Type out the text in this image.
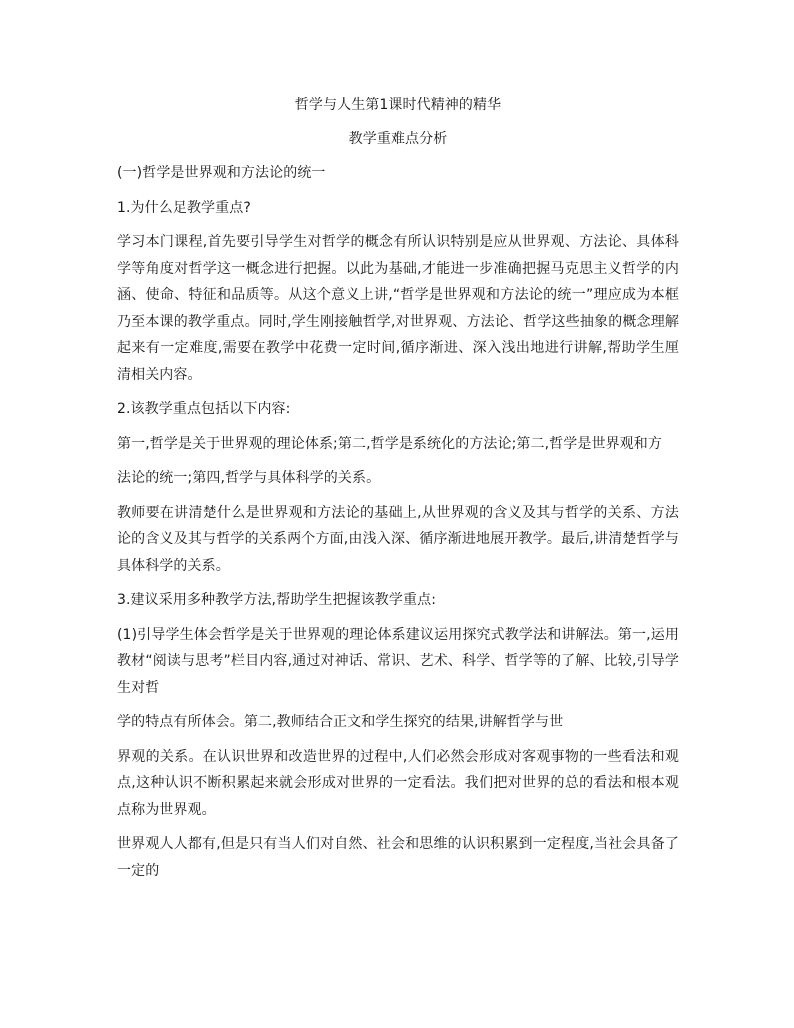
哲学与人生第1课时代精神的精华
教学重难点分析
(一)哲学是世界观和方法论的统一
1.为什么足教学重点?
学习本门课程,首先要引导学生对哲学的概念有所认识特别是应从世界观、方法论、具体科学等角度对哲学这一概念进行把握。以此为基础,才能进一步准确把握马克思主义哲学的内涵、使命、特征和品质等。从这个意义上讲,“哲学是世界观和方法论的统一”理应成为本框乃至本课的教学重点。同时,学生刚接触哲学,对世界观、方法论、哲学这些抽象的概念理解起来有一定难度,需要在教学中花费一定时间,循序渐进、深入浅出地进行讲解,帮助学生厘清相关内容。
2.该教学重点包括以下内容:
第一,哲学是关于世界观的理论体系;第二,哲学是系统化的方法论;第二,哲学是世界观和方
法论的统一;第四,哲学与具体科学的关系。
教师要在讲清楚什么是世界观和方法论的基础上,从世界观的含义及其与哲学的关系、方法论的含义及其与哲学的关系两个方面,由浅入深、循序渐进地展开教学。最后,讲清楚哲学与具体科学的关系。
3.建议采用多种教学方法,帮助学生把握该教学重点:
(1)引导学生体会哲学是关于世界观的理论体系建议运用探究式教学法和讲解法。第一,运用教材“阅读与思考”栏目内容,通过对神话、常识、艺术、科学、哲学等的了解、比较,引导学生对哲
学的特点有所体会。第二,教师结合正文和学生探究的结果,讲解哲学与世
界观的关系。在认识世界和改造世界的过程中,人们必然会形成对客观事物的一些看法和观点,这种认识不断积累起来就会形成对世界的一定看法。我们把对世界的总的看法和根本观点称为世界观。
世界观人人都有,但是只有当人们对自然、社会和思维的认识积累到一定程度,当社会具备了一定的
